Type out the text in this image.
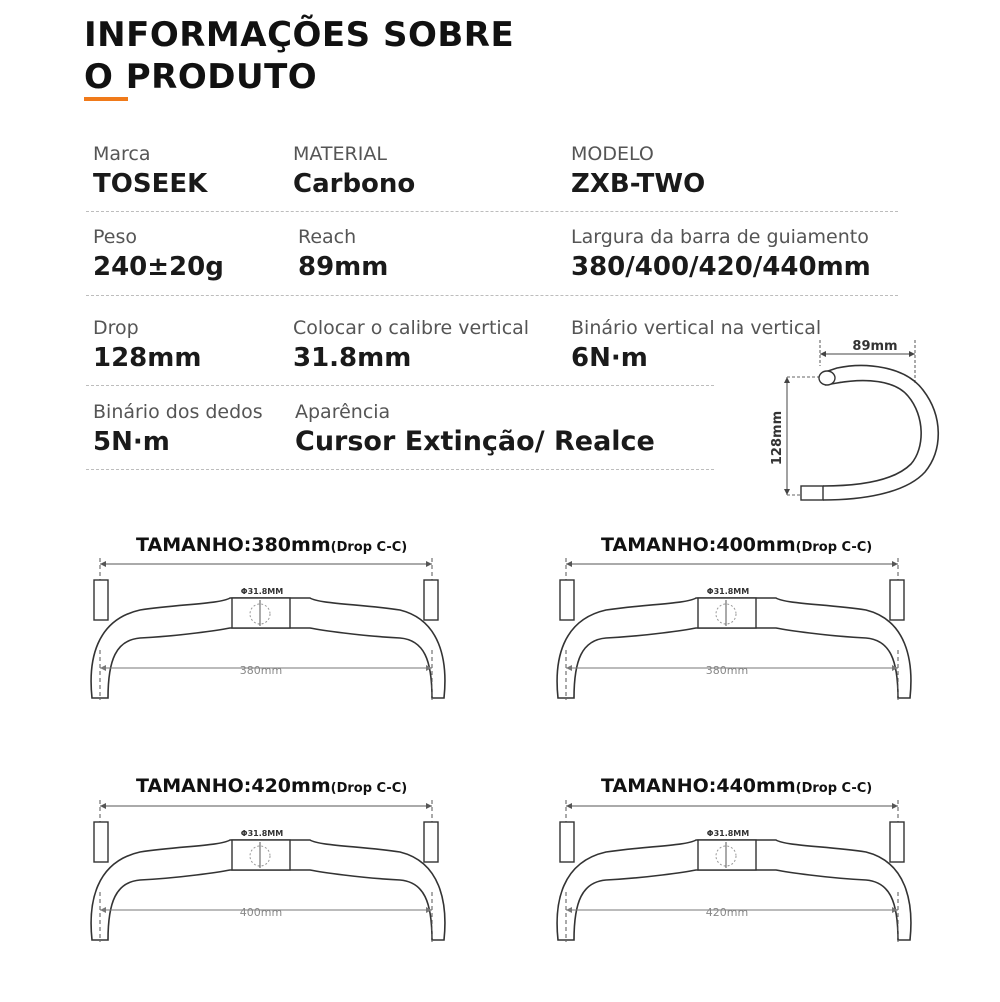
INFORMAÇÕES SOBRE
O PRODUTO
Marca
TOSEEK
MATERIAL
Carbono
MODELO
ZXB-TWO
Peso
240±20g
Reach
89mm
Largura da barra de guiamento
380/400/420/440mm
Drop
128mm
Colocar o calibre vertical
31.8mm
Binário vertical na vertical
6N·m
Binário dos dedos
5N·m
Aparência
Cursor Extinção/ Realce
89mm
128mm
TAMANHO:380mm(Drop C-C)	TAMANHO:400mm(Drop C-C)
TAMANHO:420mm(Drop C-C)	TAMANHO:440mm(Drop C-C)
Φ31.8MM
380mm
Φ31.8MM
380mm
Φ31.8MM
400mm
Φ31.8MM
420mm
